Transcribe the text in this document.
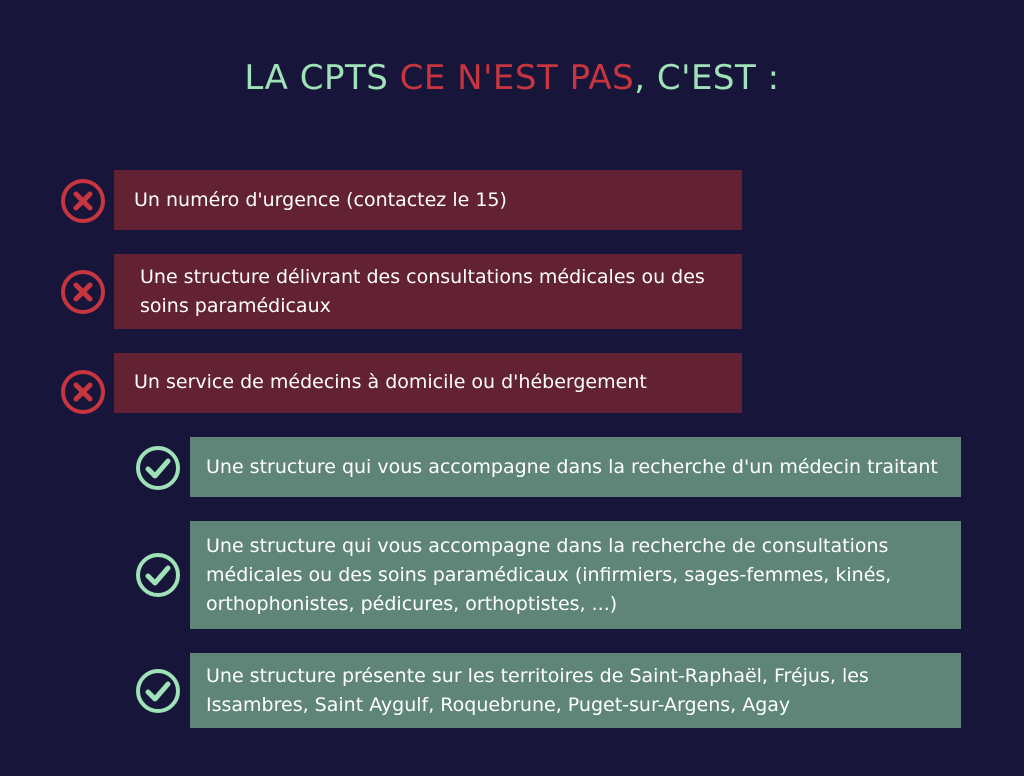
LA CPTS CE N'EST PAS, C'EST :
Un numéro d'urgence (contactez le 15)
Une structure délivrant des consultations médicales ou des soins paramédicaux
Un service de médecins à domicile ou d'hébergement
Une structure qui vous accompagne dans la recherche d'un médecin traitant
Une structure qui vous accompagne dans la recherche de consultations médicales ou des soins paramédicaux (infirmiers, sages-femmes, kinés, orthophonistes, pédicures, orthoptistes, ...)
Une structure présente sur les territoires de Saint-Raphaël, Fréjus, les Issambres, Saint Aygulf, Roquebrune, Puget-sur-Argens, Agay
